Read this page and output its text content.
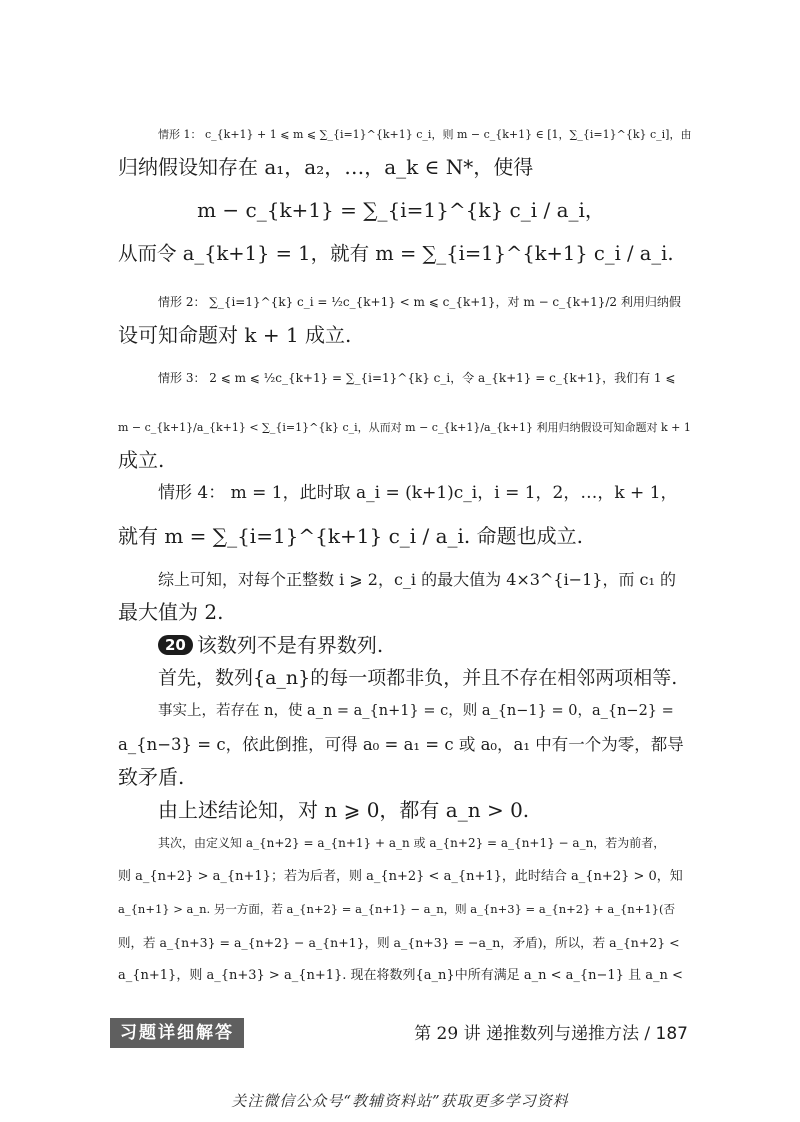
情形 1： c_{k+1} + 1 ⩽ m ⩽ ∑_{i=1}^{k+1} c_i，则 m − c_{k+1} ∈ [1，∑_{i=1}^{k} c_i]，由

归纳假设知存在 a₁，a₂，…，a_k ∈ N*，使得

m − c_{k+1} = ∑_{i=1}^{k} c_i / a_i，

从而令 a_{k+1} = 1，就有 m = ∑_{i=1}^{k+1} c_i / a_i.

情形 2： ∑_{i=1}^{k} c_i = ½c_{k+1} < m ⩽ c_{k+1}，对 m − c_{k+1}/2 利用归纳假

设可知命题对 k + 1 成立.

情形 3： 2 ⩽ m ⩽ ½c_{k+1} = ∑_{i=1}^{k} c_i，令 a_{k+1} = c_{k+1}，我们有 1 ⩽

m − c_{k+1}/a_{k+1} < ∑_{i=1}^{k} c_i，从而对 m − c_{k+1}/a_{k+1} 利用归纳假设可知命题对 k + 1

成立.

情形 4： m = 1，此时取 a_i = (k+1)c_i，i = 1，2，…，k + 1，

就有 m = ∑_{i=1}^{k+1} c_i / a_i. 命题也成立.

综上可知，对每个正整数 i ⩾ 2，c_i 的最大值为 4×3^{i−1}，而 c₁ 的

最大值为 2.

20 该数列不是有界数列.

首先，数列{a_n}的每一项都非负，并且不存在相邻两项相等.

事实上，若存在 n，使 a_n = a_{n+1} = c，则 a_{n−1} = 0，a_{n−2} =

a_{n−3} = c，依此倒推，可得 a₀ = a₁ = c 或 a₀，a₁ 中有一个为零，都导

致矛盾.

由上述结论知，对 n ⩾ 0，都有 a_n > 0.

其次，由定义知 a_{n+2} = a_{n+1} + a_n 或 a_{n+2} = a_{n+1} − a_n，若为前者，

则 a_{n+2} > a_{n+1}；若为后者，则 a_{n+2} < a_{n+1}，此时结合 a_{n+2} > 0，知

a_{n+1} > a_n. 另一方面，若 a_{n+2} = a_{n+1} − a_n，则 a_{n+3} = a_{n+2} + a_{n+1}(否

则，若 a_{n+3} = a_{n+2} − a_{n+1}，则 a_{n+3} = −a_n，矛盾)，所以，若 a_{n+2} <

a_{n+1}，则 a_{n+3} > a_{n+1}. 现在将数列{a_n}中所有满足 a_n < a_{n−1} 且 a_n <

习题详细解答	第 29 讲 递推数列与递推方法 / 187
关注微信公众号“教辅资料站”获取更多学习资料
